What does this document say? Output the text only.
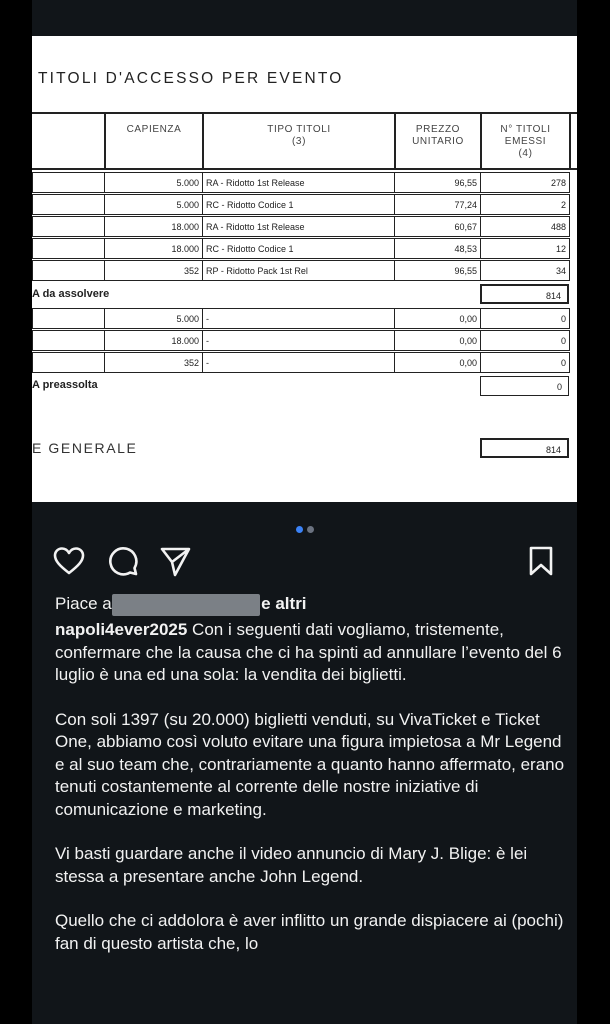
TITOLI D'ACCESSO PER EVENTO
CAPIENZA	TIPO TITOLI
(3)
PREZZO
UNITARIO
N° TITOLI
EMESSI
(4)
5.000 RA - Ridotto 1st Release	96,55	278
5.000 RC - Ridotto Codice 1	77,24	2
18.000 RA - Ridotto 1st Release	60,67	488
18.000 RC - Ridotto Codice 1	48,53	12
352 RP - Ridotto Pack 1st Rel	96,55	34
A da assolvere	814
5.000 -	0,00	0
18.000 -	0,00	0
352 -	0,00	0
A preassolta	0
E GENERALE	814
Piace a	e altri

napoli4ever2025 Con i seguenti dati vogliamo, tristemente, confermare che la causa che ci ha spinti ad annullare l’evento del 6 luglio è una ed una sola: la vendita dei biglietti.

Con soli 1397 (su 20.000) biglietti venduti, su VivaTicket e Ticket One, abbiamo così voluto evitare una figura impietosa a Mr Legend e al suo team che, contrariamente a quanto hanno affermato, erano tenuti costantemente al corrente delle nostre iniziative di comunicazione e marketing.

Vi basti guardare anche il video annuncio di Mary J. Blige: è lei stessa a presentare anche John Legend.

Quello che ci addolora è aver inflitto un grande dispiacere ai (pochi) fan di questo artista che, lo
